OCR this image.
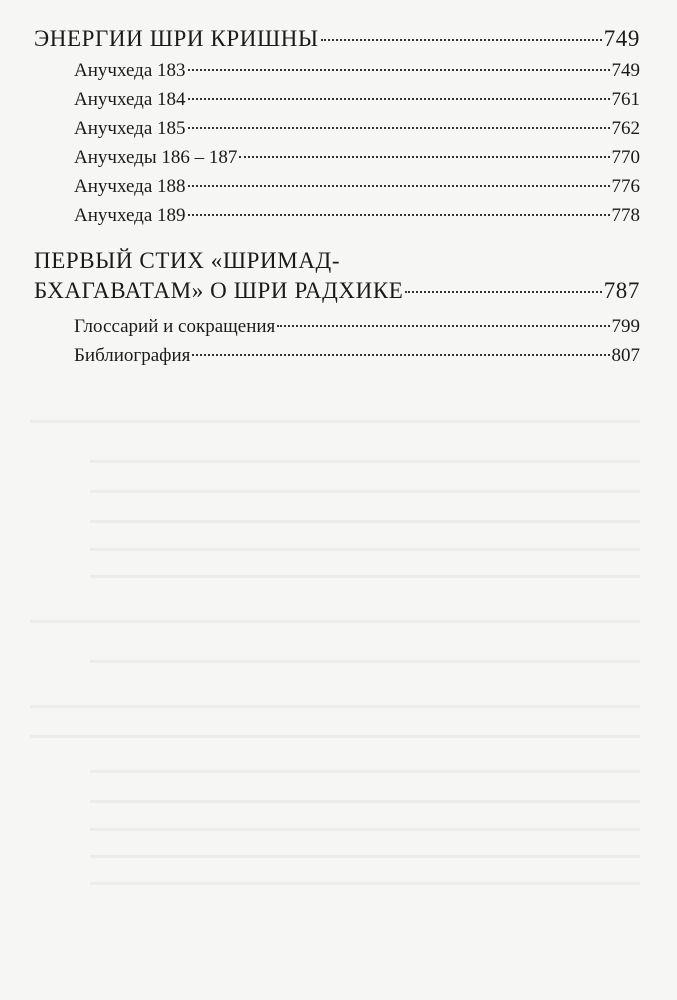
ЭНЕРГИИ ШРИ КРИШНЫ	749
Анучхеда 183	749
Анучхеда 184	761
Анучхеда 185	762
Анучхеды 186 – 187	770
Анучхеда 188	776
Анучхеда 189	778
ПЕРВЫЙ СТИХ «ШРИМАД-
БХАГАВАТАМ» О ШРИ РАДХИКЕ	787
Глоссарий и сокращения	799
Библиография	807
